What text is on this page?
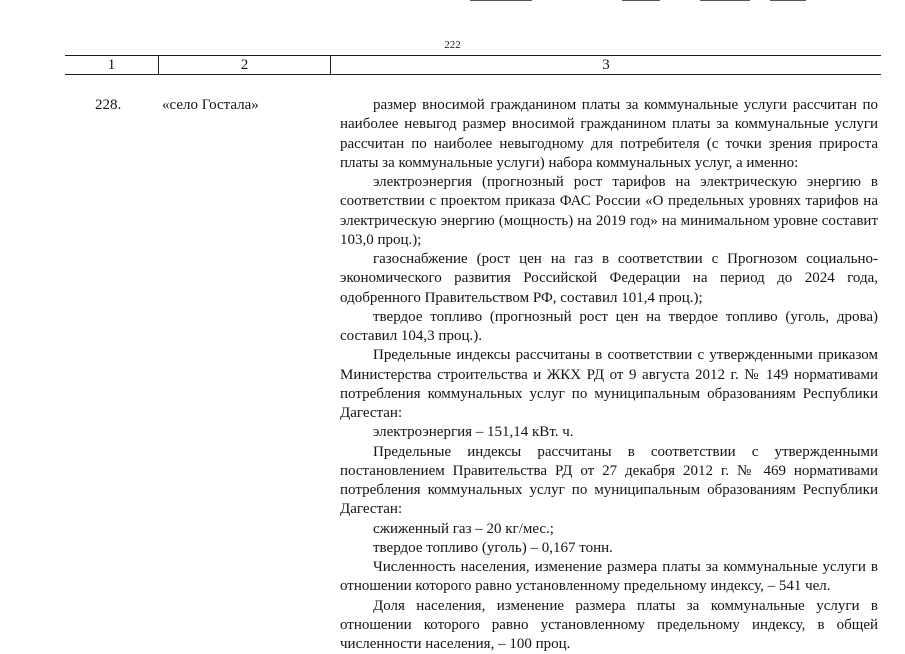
222
1	2	3
228.	«село Гостала»	размер вносимой гражданином платы за коммунальные услуги рассчитан по наиболее невыгод размер вносимой гражданином платы за коммунальные услуги рассчитан по наиболее невыгодному для потребителя (с точки зрения прироста платы за коммунальные услуги) набора коммунальных услуг, а именно:

электроэнергия (прогнозный рост тарифов на электрическую энергию в соответствии с проектом приказа ФАС России «О предельных уровнях тарифов на электрическую энергию (мощность) на 2019 год» на минимальном уровне составит 103,0 проц.);

газоснабжение (рост цен на газ в соответствии с Прогнозом социально-экономического развития Российской Федерации на период до 2024 года, одобренного Правительством РФ, составил 101,4 проц.);

твердое топливо (прогнозный рост цен на твердое топливо (уголь, дрова) составил 104,3 проц.).

Предельные индексы рассчитаны в соответствии с утвержденными приказом Министерства строительства и ЖКХ РД от 9 августа 2012 г. № 149 нормативами потребления коммунальных услуг по муниципальным образованиям Республики Дагестан:

электроэнергия – 151,14 кВт. ч.

Предельные индексы рассчитаны в соответствии с утвержденными постановлением Правительства РД от 27 декабря 2012 г. № 469 нормативами потребления коммунальных услуг по муниципальным образованиям Республики Дагестан:

сжиженный газ – 20 кг/мес.;

твердое топливо (уголь) – 0,167 тонн.

Численность населения, изменение размера платы за коммунальные услуги в отношении которого равно установленному предельному индексу, – 541 чел.

Доля населения, изменение размера платы за коммунальные услуги в отношении которого равно установленному предельному индексу, в общей численности населения, – 100 проц.
